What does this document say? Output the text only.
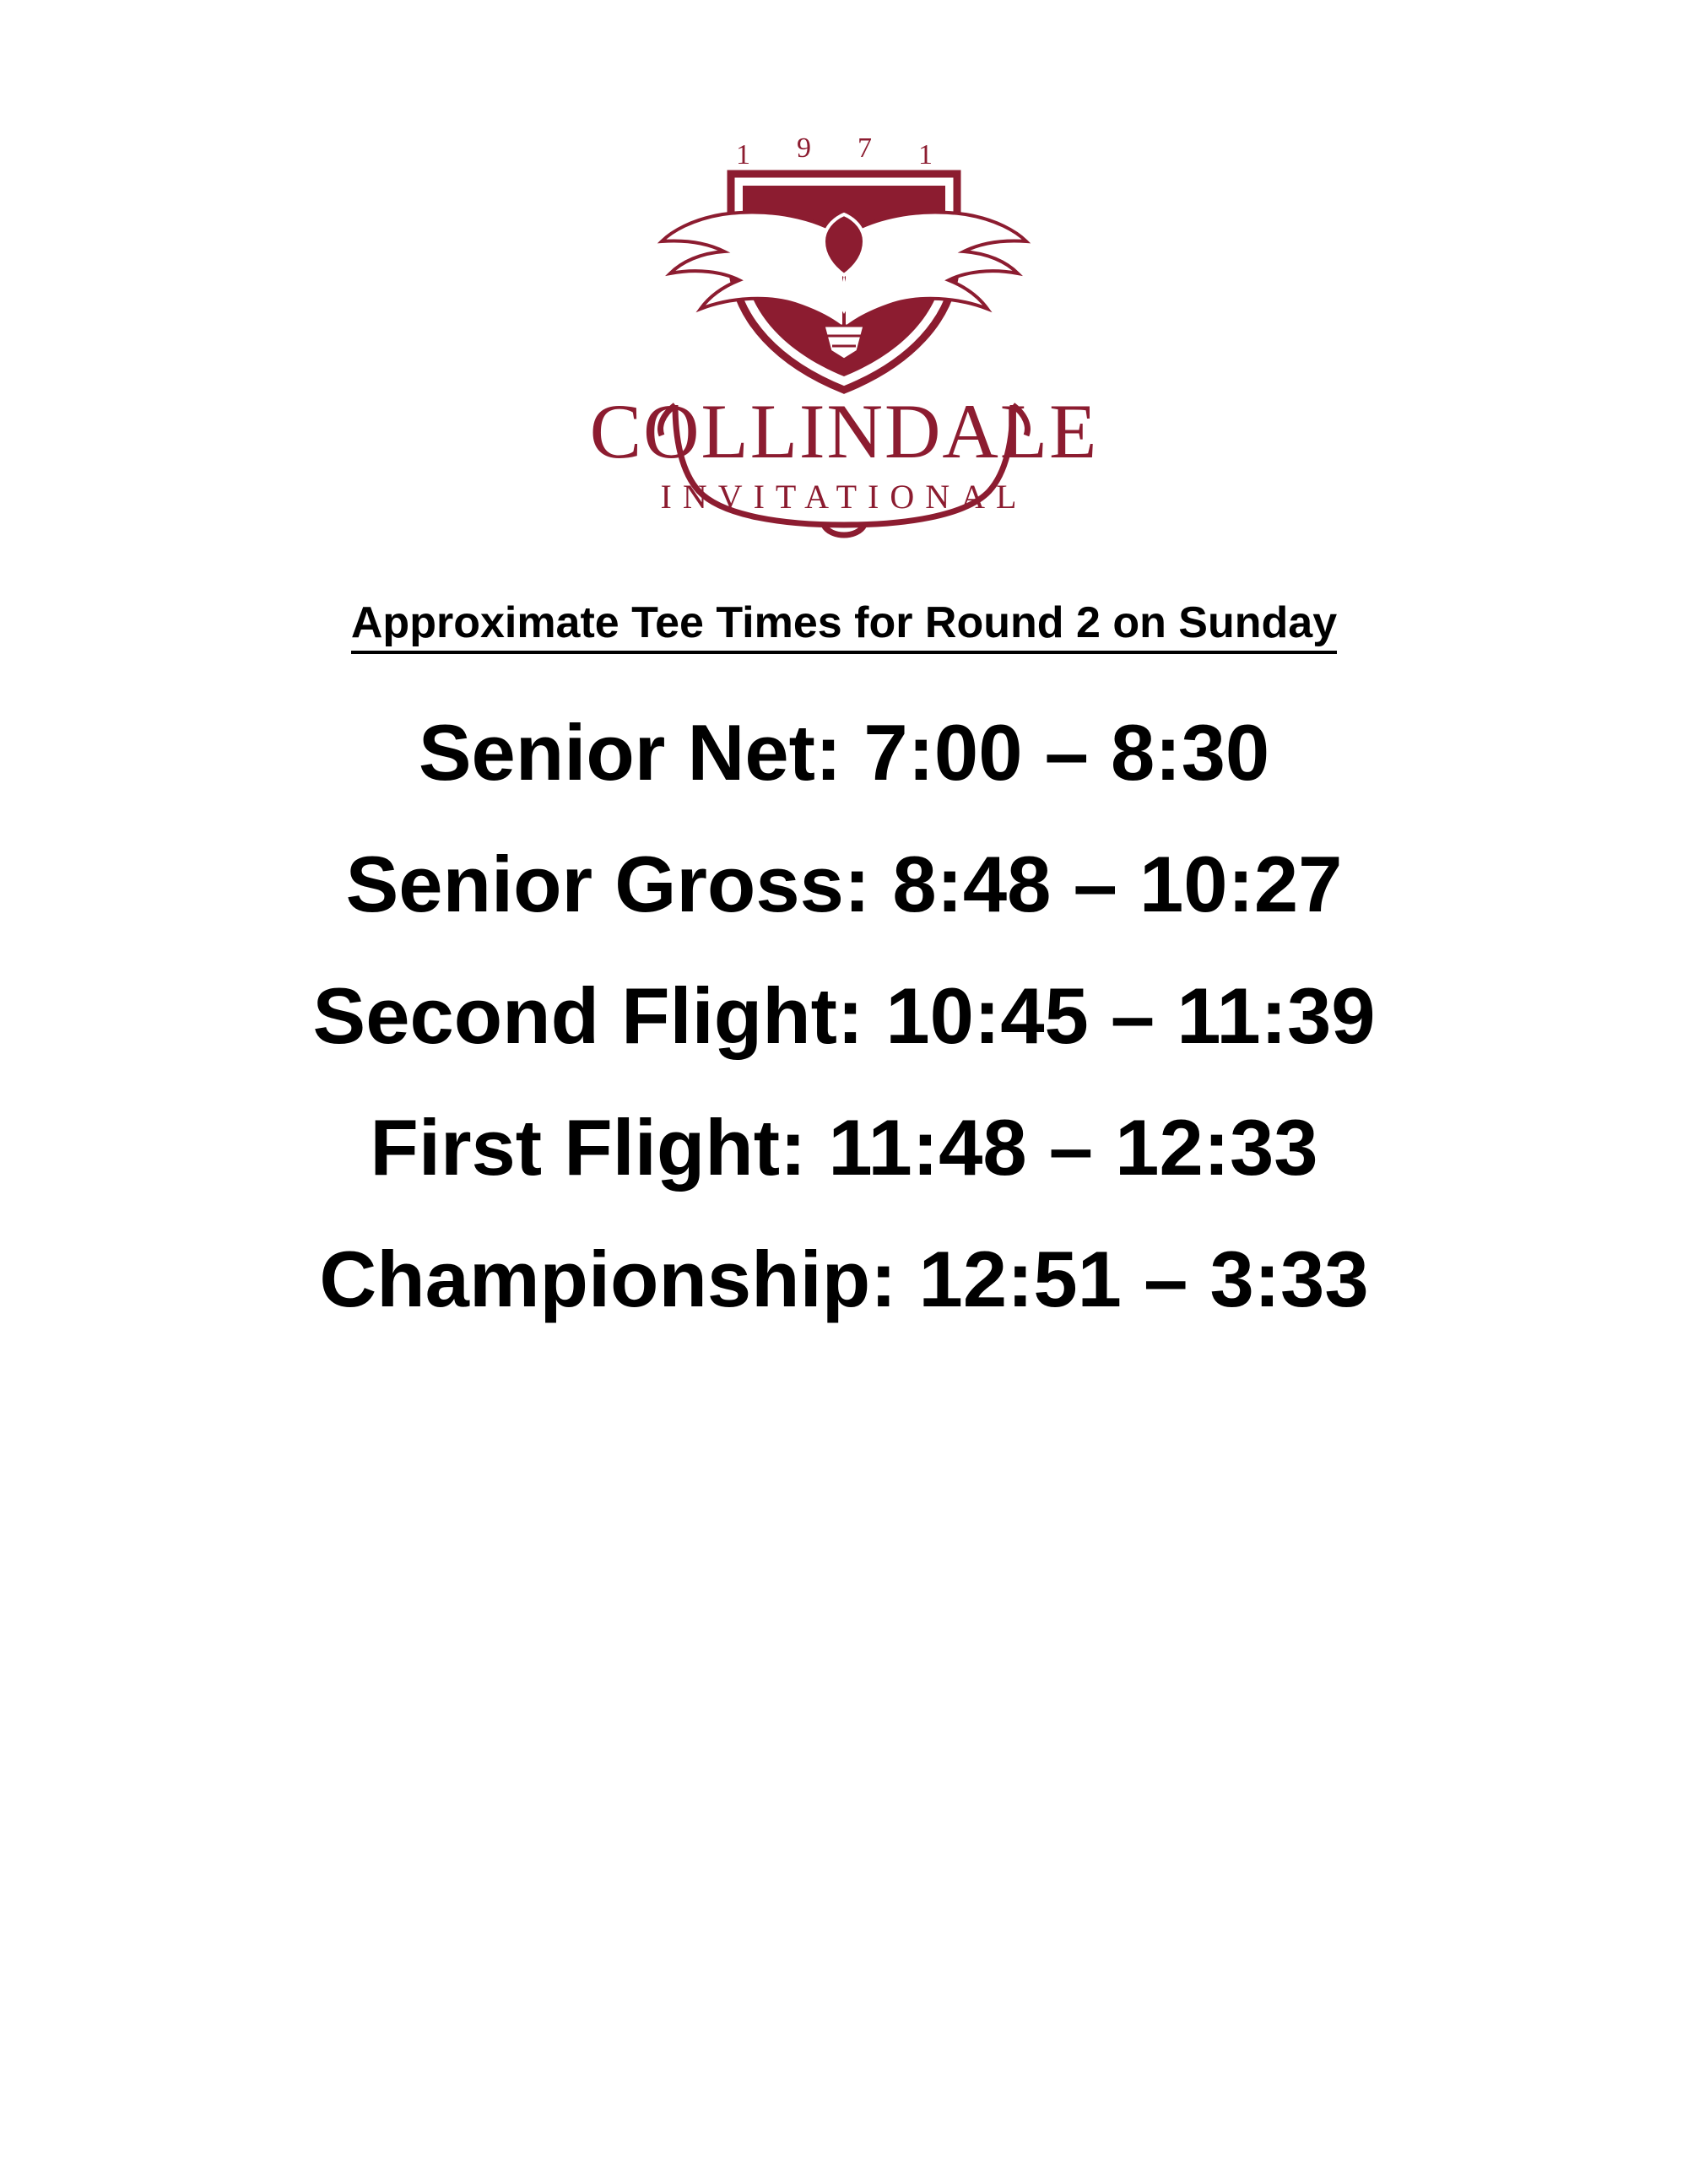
1 9 7 1
COLLINDALE
INVITATIONAL
Approximate Tee Times for Round 2 on Sunday
Senior Net: 7:00 – 8:30
Senior Gross: 8:48 – 10:27
Second Flight: 10:45 – 11:39
First Flight: 11:48 – 12:33
Championship: 12:51 – 3:33
